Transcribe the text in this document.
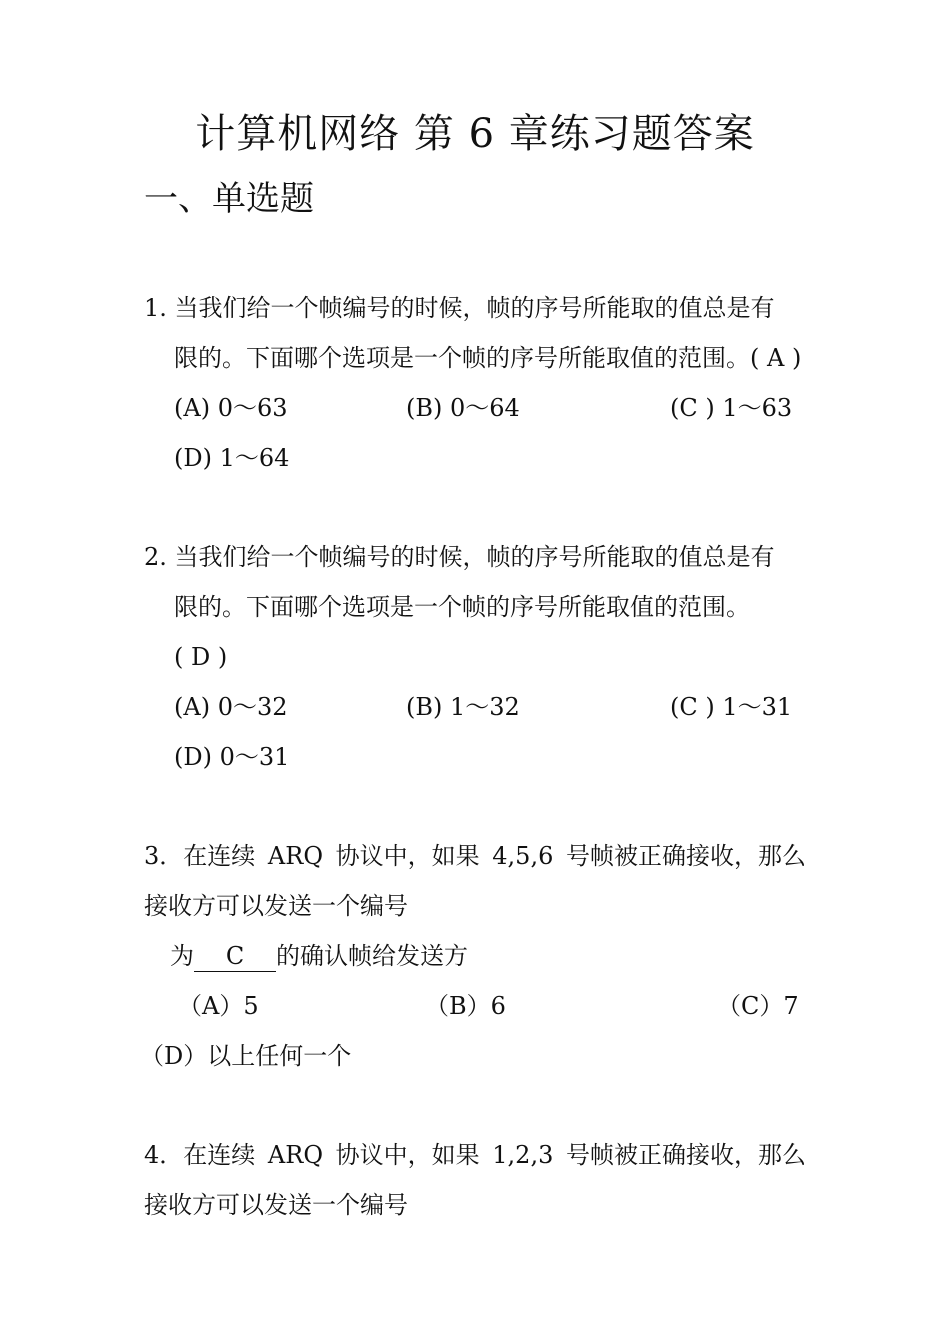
计算机网络 第 6 章练习题答案
一、单选题
1. 当我们给一个帧编号的时候，帧的序号所能取的值总是有
限的。下面哪个选项是一个帧的序号所能取值的范围。( A )
(A) 0～63	(B) 0～64	(C ) 1～63
(D) 1～64
2. 当我们给一个帧编号的时候，帧的序号所能取的值总是有
限的。下面哪个选项是一个帧的序号所能取值的范围。
( D )
(A) 0～32	(B) 1～32	(C ) 1～31
(D) 0～31
3．在连续 ARQ 协议中，如果 4,5,6 号帧被正确接收，那么
接收方可以发送一个编号
为 C 的确认帧给发送方
（A）5	（B）6	（C）7
（D）以上任何一个
4．在连续 ARQ 协议中，如果 1,2,3 号帧被正确接收，那么
接收方可以发送一个编号
